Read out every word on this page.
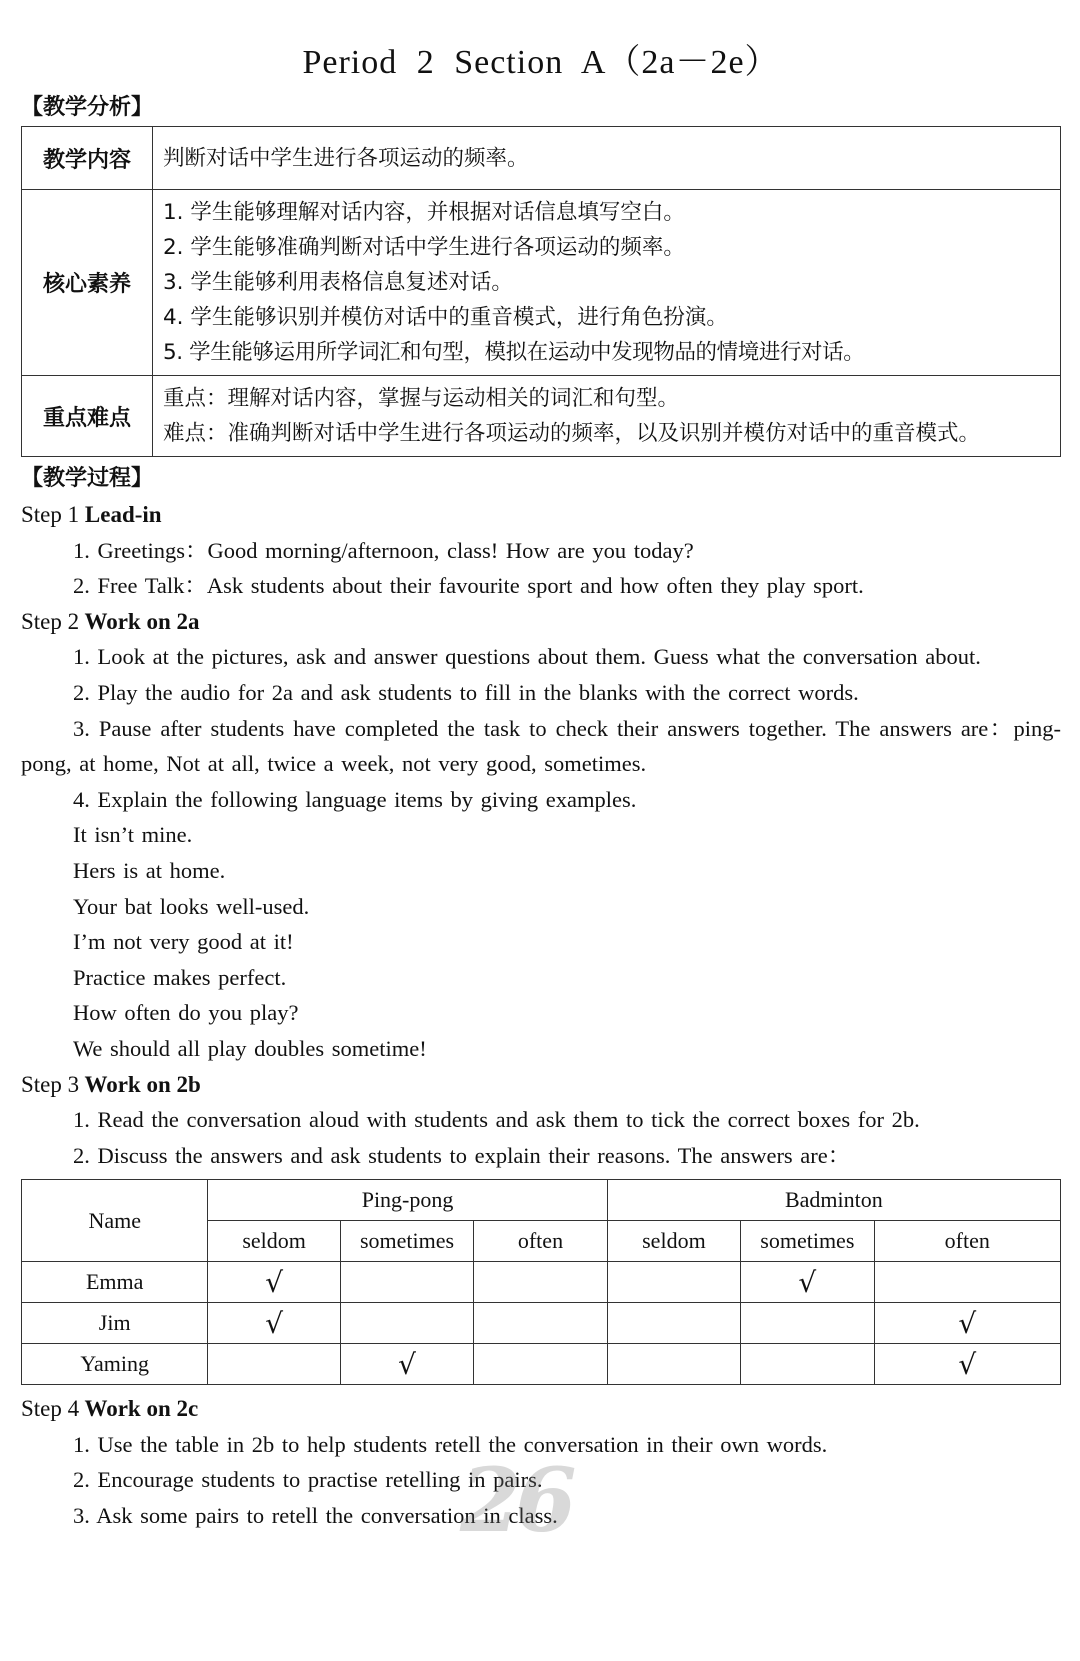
Period 2 Section A（2a－2e）
【教学分析】
教学内容	判断对话中学生进行各项运动的频率。
核心素养	1. 学生能够理解对话内容，并根据对话信息填写空白。
2. 学生能够准确判断对话中学生进行各项运动的频率。
3. 学生能够利用表格信息复述对话。
4. 学生能够识别并模仿对话中的重音模式，进行角色扮演。
5. 学生能够运用所学词汇和句型，模拟在运动中发现物品的情境进行对话。

重点难点	重点：理解对话内容，掌握与运动相关的词汇和句型。
难点：准确判断对话中学生进行各项运动的频率，以及识别并模仿对话中的重音模式。
【教学过程】
Step 1 Lead-in
1. Greetings：Good morning/afternoon, class! How are you today?
2. Free Talk：Ask students about their favourite sport and how often they play sport.
Step 2 Work on 2a
1. Look at the pictures, ask and answer questions about them. Guess what the conversation about.
2. Play the audio for 2a and ask students to fill in the blanks with the correct words.
3. Pause after students have completed the task to check their answers together. The answers are：ping-pong, at home, Not at all, twice a week, not very good, sometimes.
4. Explain the following language items by giving examples.
It isn’t mine.
Hers is at home.
Your bat looks well-used.
I’m not very good at it!
Practice makes perfect.
How often do you play?
We should all play doubles sometime!
Step 3 Work on 2b
1. Read the conversation aloud with students and ask them to tick the correct boxes for 2b.
2. Discuss the answers and ask students to explain their reasons. The answers are：
Name	Ping-pong			Badminton		
	seldom	sometimes	often	seldom	sometimes	often
Emma	√				√	
Jim	√					√
Yaming		√				√
Step 4 Work on 2c
1. Use the table in 2b to help students retell the conversation in their own words.
2. Encourage students to practise retelling in pairs.
3. Ask some pairs to retell the conversation in class.
26
